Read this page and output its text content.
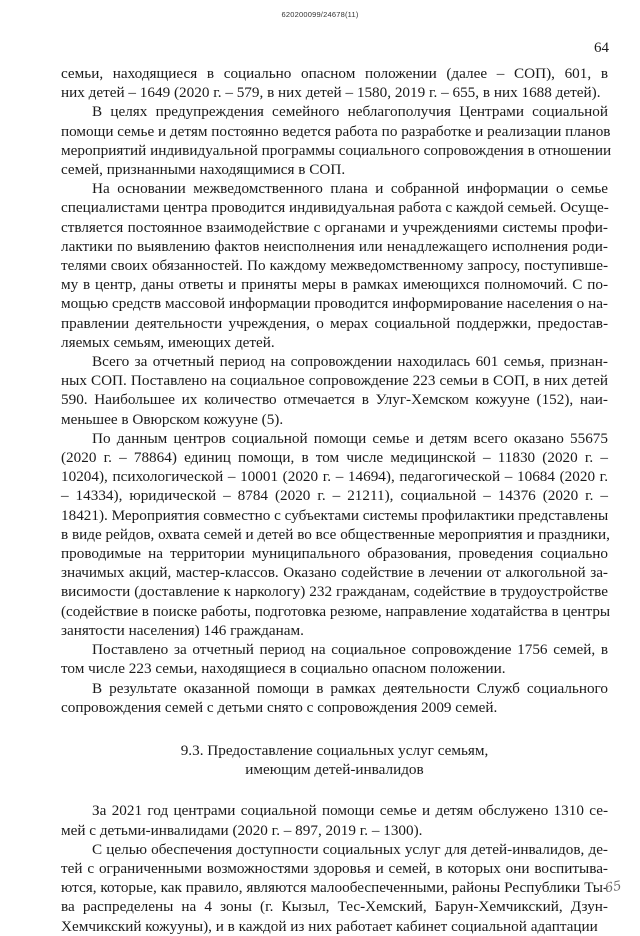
620200099/24678(11)
64
семьи, находящиеся в социально опасном положении (далее – СОП), 601, в
них детей – 1649 (2020 г. – 579, в них детей – 1580, 2019 г. – 655, в них 1688 детей).
В целях предупреждения семейного неблагополучия Центрами социальной
помощи семье и детям постоянно ведется работа по разработке и реализации планов
мероприятий индивидуальной программы социального сопровождения в отношении
семей, признанными находящимися в СОП.
На основании межведомственного плана и собранной информации о семье
специалистами центра проводится индивидуальная работа с каждой семьей. Осуще-
ствляется постоянное взаимодействие с органами и учреждениями системы профи-
лактики по выявлению фактов неисполнения или ненадлежащего исполнения роди-
телями своих обязанностей. По каждому межведомственному запросу, поступивше-
му в центр, даны ответы и приняты меры в рамках имеющихся полномочий. С по-
мощью средств массовой информации проводится информирование населения о на-
правлении деятельности учреждения, о мерах социальной поддержки, предостав-
ляемых семьям, имеющих детей.
Всего за отчетный период на сопровождении находилась 601 семья, признан-
ных СОП. Поставлено на социальное сопровождение 223 семьи в СОП, в них детей
590. Наибольшее их количество отмечается в Улуг-Хемском кожууне (152), наи-
меньшее в Овюрском кожууне (5).
По данным центров социальной помощи семье и детям всего оказано 55675
(2020 г. – 78864) единиц помощи, в том числе медицинской – 11830 (2020 г. –
10204), психологической – 10001 (2020 г. – 14694), педагогической – 10684 (2020 г.
– 14334), юридической – 8784 (2020 г. – 21211), социальной – 14376 (2020 г. –
18421). Мероприятия совместно с субъектами системы профилактики представлены
в виде рейдов, охвата семей и детей во все общественные мероприятия и праздники,
проводимые на территории муниципального образования, проведения социально
значимых акций, мастер-классов. Оказано содействие в лечении от алкогольной за-
висимости (доставление к наркологу) 232 гражданам, содействие в трудоустройстве
(содействие в поиске работы, подготовка резюме, направление ходатайства в центры
занятости населения) 146 гражданам.
Поставлено за отчетный период на социальное сопровождение 1756 семей, в
том числе 223 семьи, находящиеся в социально опасном положении.
В результате оказанной помощи в рамках деятельности Служб социального
сопровождения семей с детьми снято с сопровождения 2009 семей.
9.3. Предоставление социальных услуг семьям,
имеющим детей-инвалидов
За 2021 год центрами социальной помощи семье и детям обслужено 1310 се-
мей с детьми-инвалидами (2020 г. – 897, 2019 г. – 1300).
С целью обеспечения доступности социальных услуг для детей-инвалидов, де-
тей с ограниченными возможностями здоровья и семей, в которых они воспитыва-
ются, которые, как правило, являются малообеспеченными, районы Республики Ты-
ва распределены на 4 зоны (г. Кызыл, Тес-Хемский, Барун-Хемчикский, Дзун-
Хемчикский кожууны), и в каждой из них работает кабинет социальной адаптации
65
